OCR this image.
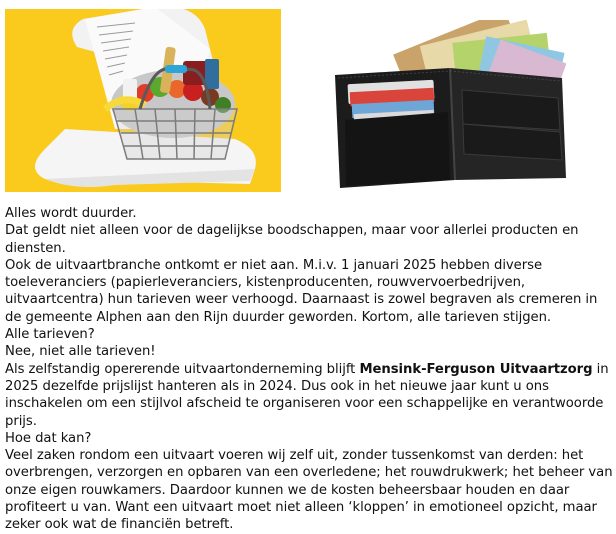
Alles wordt duurder.

Dat geldt niet alleen voor de dagelijkse boodschappen, maar voor allerlei producten en diensten.

Ook de uitvaartbranche ontkomt er niet aan. M.i.v. 1 januari 2025 hebben diverse toeleveranciers (papierleveranciers, kistenproducenten, rouwvervoerbedrijven, uitvaartcentra) hun tarieven weer verhoogd. Daarnaast is zowel begraven als cremeren in de gemeente Alphen aan den Rijn duurder geworden. Kortom, alle tarieven stijgen.

Alle tarieven?

Nee, niet alle tarieven!

Als zelfstandig opererende uitvaartonderneming blijft Mensink-Ferguson Uitvaartzorg in 2025 dezelfde prijslijst hanteren als in 2024. Dus ook in het nieuwe jaar kunt u ons inschakelen om een stijlvol afscheid te organiseren voor een schappelijke en verantwoorde prijs.

Hoe dat kan?

Veel zaken rondom een uitvaart voeren wij zelf uit, zonder tussenkomst van derden: het overbrengen, verzorgen en opbaren van een overledene; het rouwdrukwerk; het beheer van onze eigen rouwkamers. Daardoor kunnen we de kosten beheersbaar houden en daar profiteert u van. Want een uitvaart moet niet alleen ‘kloppen’ in emotioneel opzicht, maar zeker ook wat de financiën betreft.
